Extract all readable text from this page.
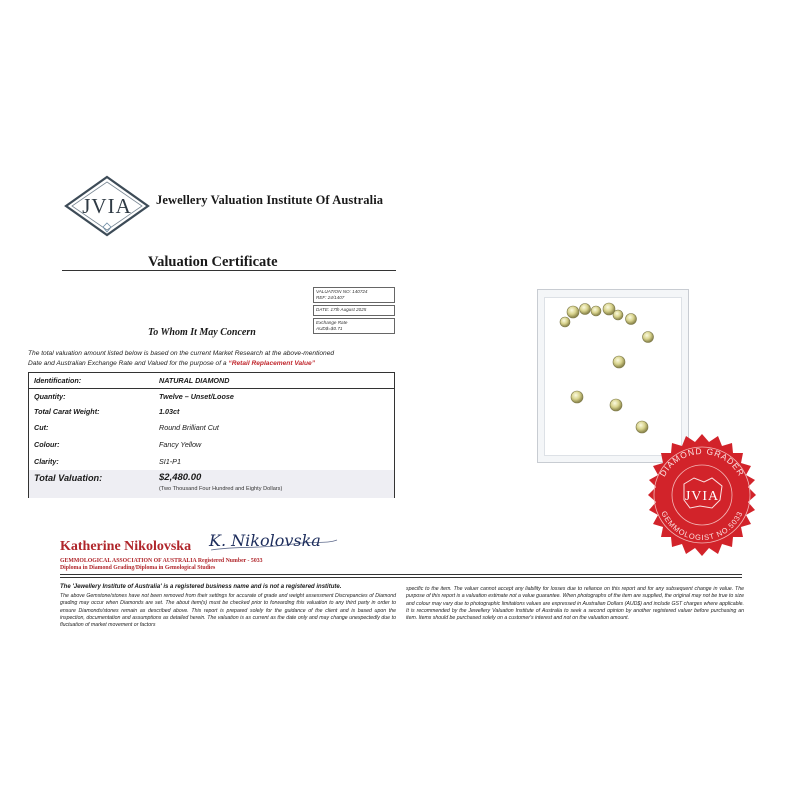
JVIA Jewellery Valuation Institute Of Australia
Valuation Certificate
VALUATION NO: 140724
REF: 24/1407
DATE: 17th August 2025
Exchange Rate
AUD$=$0.71
To Whom It May Concern
The total valuation amount listed below is based on the current Market Research at the above-mentioned
Date and Australian Exchange Rate and Valued for the purpose of a “Retail Replacement Value”
Identification:	NATURAL DIAMOND
Quantity:	Twelve – Unset/Loose
Total Carat Weight:	1.03ct
Cut:	Round Brilliant Cut
Colour:	Fancy Yellow
Clarity:	SI1-P1
Total Valuation:	$2,480.00
(Two Thousand Four Hundred and Eighty Dollars)
Katherine Nikolovska K. Nikolovska
GEMMOLOGICAL ASSOCIATION OF AUSTRALIA Registered Number - 5033
Diploma in Diamond Grading/Diploma in Gemological Studies
The 'Jewellery Institute of Australia' is a registered business name and is not a registered institute.
The above Gemstone/stones have not been removed from their settings for accurate of grade and weight assessment Discrepancies of Diamond grading may occur when Diamonds are set. The about item(s) must be checked prior to forwarding this valuation to any third party in order to ensure Diamonds/stones remain as described above. This report is prepared solely for the guidance of the client and is based upon the inspection, documentation and assumptions as detailed herein. The valuation is as current as the date only and may change unexpectedly due to fluctuation of market movement or factors
specific to the item. The valuer cannot accept any liability for losses due to reliance on this report and for any subsequent change in value. The purpose of this report is a valuation estimate not a value guarantee. When photographs of the item are supplied, the original may not be true to size and colour may vary due to photographic limitations values are expressed in Australian Dollars (AUD$) and include GST charges where applicable. It is recommended by the Jewellery Valuation Institute of Australia to seek a second opinion by another registered valuer before purchasing an item. Items should be purchased solely on a customer's interest and not on the valuation amount.
DIAMOND GRADER
GEMMOLOGIST NO.5033
JVIA
